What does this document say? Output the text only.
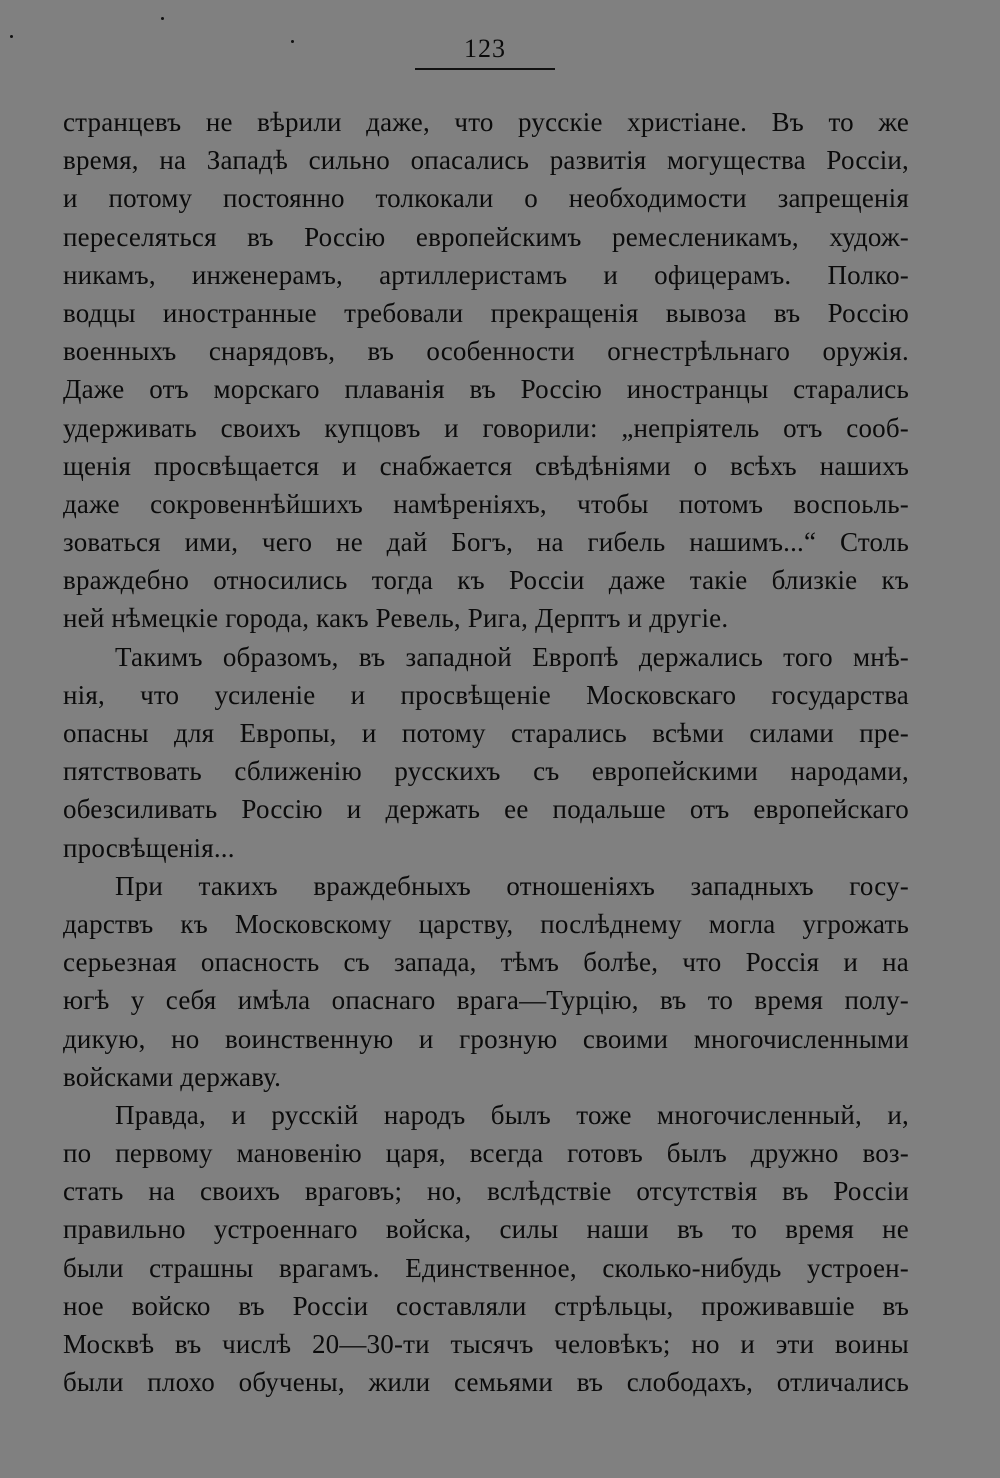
123
странцевъ не вѣрили даже, что русскіе христіане. Въ то же
время, на Западѣ сильно опасались развитія могущества Россіи,
и потому постоянно толкокали о необходимости запрещенія
переселяться въ Россію европейскимъ ремесленикамъ, худож-
никамъ, инженерамъ, артиллеристамъ и офицерамъ. Полко-
водцы иностранные требовали прекращенія вывоза въ Россію
военныхъ снарядовъ, въ особенности огнестрѣльнаго оружія.
Даже отъ морскаго плаванія въ Россію иностранцы старались
удерживать своихъ купцовъ и говорили: „непріятель отъ сооб-
щенія просвѣщается и снабжается свѣдѣніями о всѣхъ нашихъ
даже сокровеннѣйшихъ намѣреніяхъ, чтобы потомъ воспоьль-
зоваться ими, чего не дай Богъ, на гибель нашимъ...“ Столь
враждебно относились тогда къ Россіи даже такіе близкіе къ
ней нѣмецкіе города, какъ Ревель, Рига, Дерптъ и другіе.
Такимъ образомъ, въ западной Европѣ держались того мнѣ-
нія, что усиленіе и просвѣщеніе Московскаго государства
опасны для Европы, и потому старались всѣми силами пре-
пятствовать сближенію русскихъ съ европейскими народами,
обезсиливать Россію и держать ее подальше отъ европейскаго
просвѣщенія...
При такихъ враждебныхъ отношеніяхъ западныхъ госу-
дарствъ къ Московскому царству, послѣднему могла угрожать
серьезная опасность съ запада, тѣмъ болѣе, что Россія и на
югѣ у себя имѣла опаснаго врага—Турцію, въ то время полу-
дикую, но воинственную и грозную своими многочисленными
войсками державу.
Правда, и русскій народъ былъ тоже многочисленный, и,
по первому мановенію царя, всегда готовъ былъ дружно воз-
стать на своихъ враговъ; но, вслѣдствіе отсутствія въ Россіи
правильно устроеннаго войска, силы наши въ то время не
были страшны врагамъ. Единственное, сколько-нибудь устроен-
ное войско въ Россіи составляли стрѣльцы, проживавшіе въ
Москвѣ въ числѣ 20—30-ти тысячъ человѣкъ; но и эти воины
были плохо обучены, жили семьями въ слободахъ, отличались
